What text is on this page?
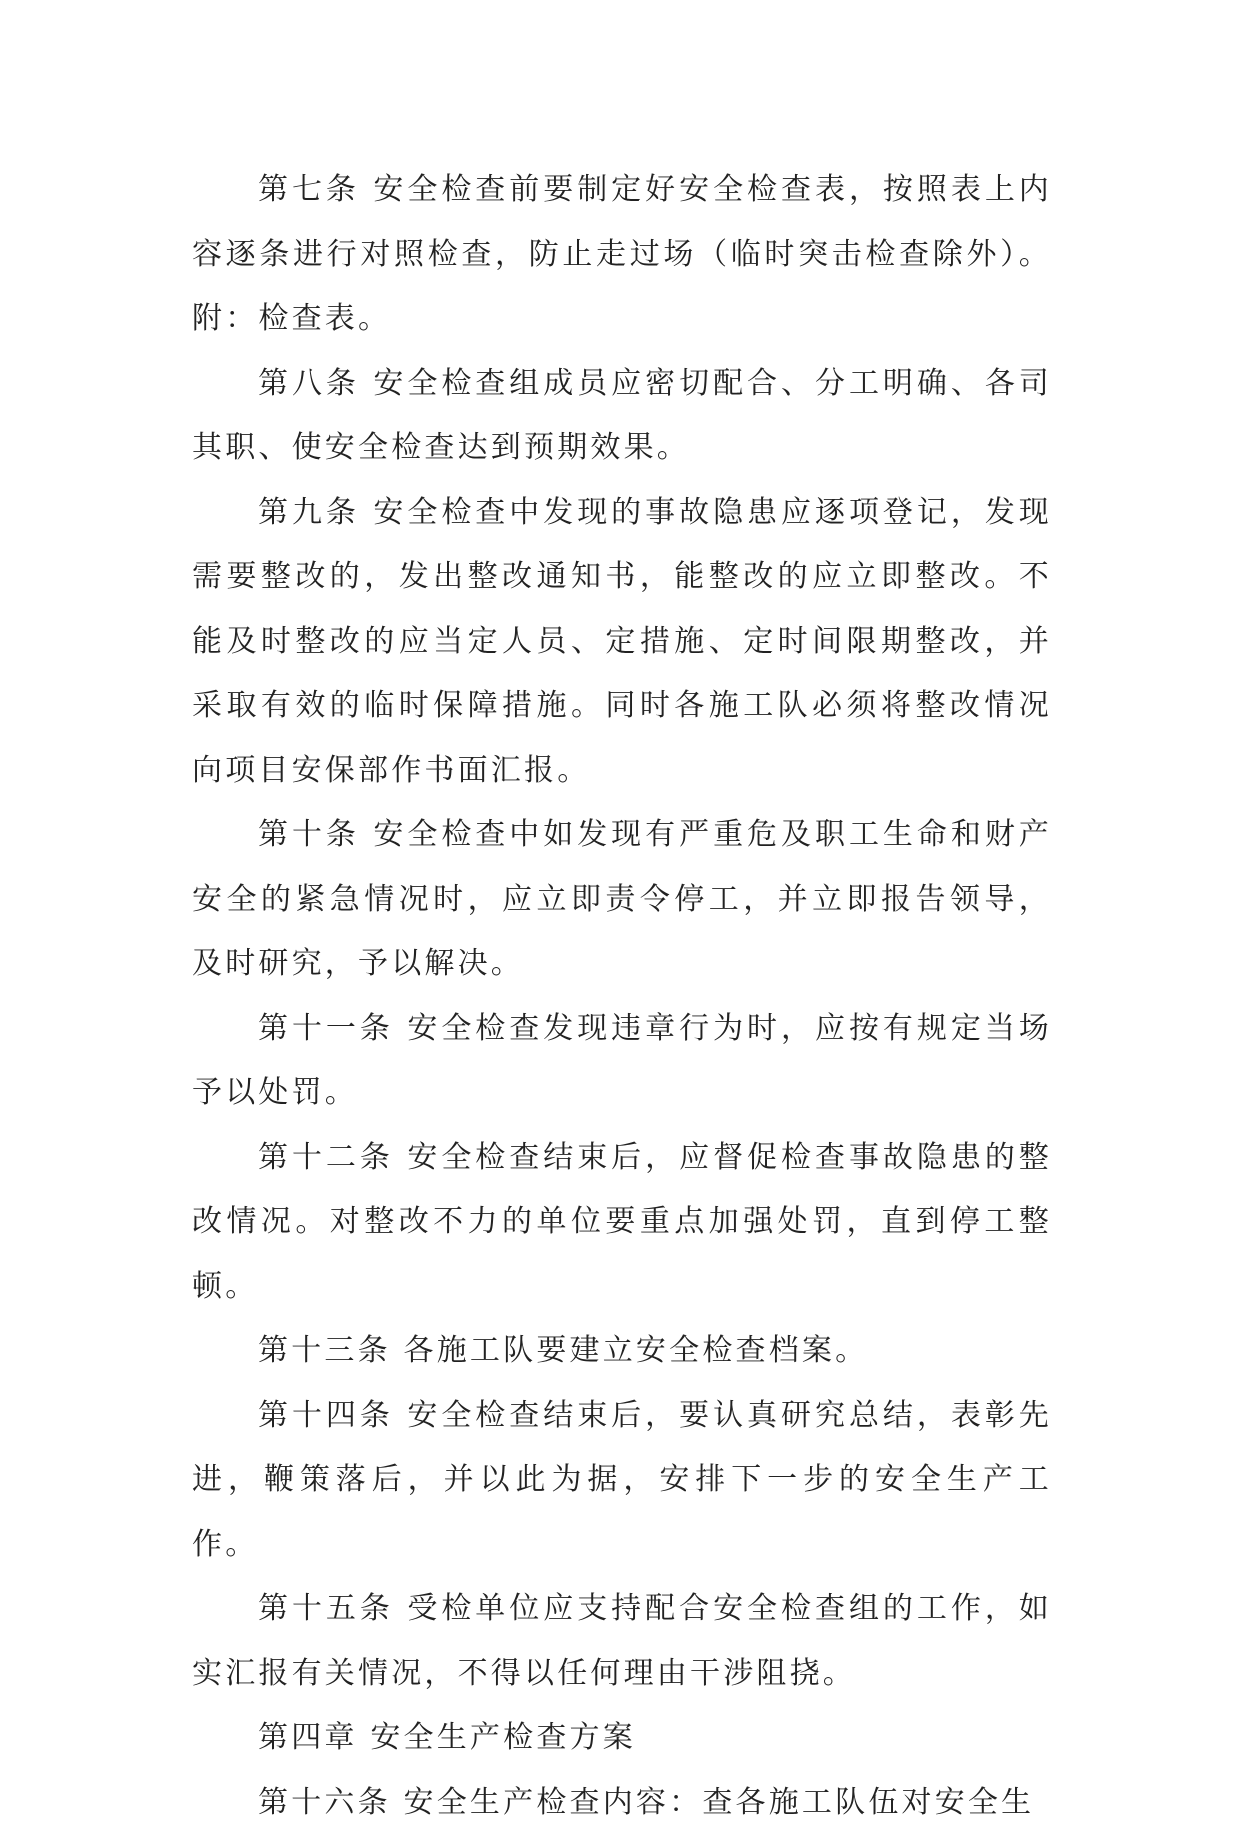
第七条 安全检查前要制定好安全检查表，按照表上内容逐条进行对照检查，防止走过场（临时突击检查除外）。附：检查表。

第八条 安全检查组成员应密切配合、分工明确、各司其职、使安全检查达到预期效果。

第九条 安全检查中发现的事故隐患应逐项登记，发现需要整改的，发出整改通知书，能整改的应立即整改。不能及时整改的应当定人员、定措施、定时间限期整改，并采取有效的临时保障措施。同时各施工队必须将整改情况向项目安保部作书面汇报。

第十条 安全检查中如发现有严重危及职工生命和财产安全的紧急情况时，应立即责令停工，并立即报告领导，及时研究，予以解决。

第十一条 安全检查发现违章行为时，应按有规定当场予以处罚。

第十二条 安全检查结束后，应督促检查事故隐患的整改情况。对整改不力的单位要重点加强处罚，直到停工整顿。

第十三条 各施工队要建立安全检查档案。

第十四条 安全检查结束后，要认真研究总结，表彰先进，鞭策落后，并以此为据，安排下一步的安全生产工作。

第十五条 受检单位应支持配合安全检查组的工作，如实汇报有关情况，不得以任何理由干涉阻挠。

第四章 安全生产检查方案

第十六条 安全生产检查内容：查各施工队伍对安全生
